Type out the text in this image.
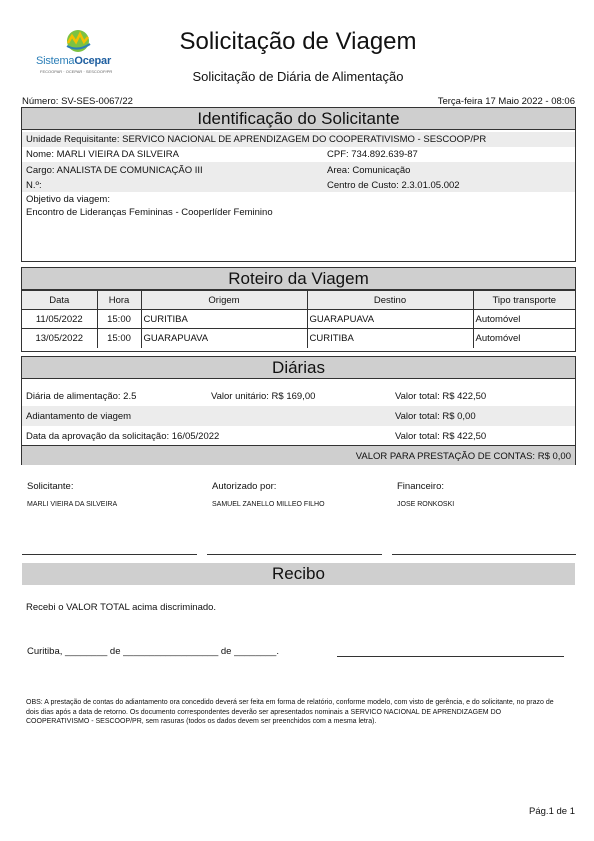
SistemaOcepar
FECOOPAR · OCEPAR · SESCOOP/PR
Solicitação de Viagem
Solicitação de Diária de Alimentação
Número: SV-SES-0067/22	Terça-feira 17 Maio 2022 - 08:06
Identificação do Solicitante
Unidade Requisitante: SERVICO NACIONAL DE APRENDIZAGEM DO COOPERATIVISMO - SESCOOP/PR
Nome: MARLI VIEIRA DA SILVEIRA	CPF: 734.892.639-87
Cargo: ANALISTA DE COMUNICAÇÃO III	Area: Comunicação
N.º:	Centro de Custo: 2.3.01.05.002
Objetivo da viagem:
Encontro de Lideranças Femininas - Cooperlíder Feminino
Roteiro da Viagem
Data	Hora	Origem	Destino	Tipo transporte
11/05/2022	15:00	CURITIBA	GUARAPUAVA	Automóvel
13/05/2022	15:00	GUARAPUAVA	CURITIBA	Automóvel
Diárias
Diária de alimentação: 2.5	Valor unitário: R$ 169,00	Valor total: R$ 422,50
Adiantamento de viagem	Valor total: R$ 0,00
Data da aprovação da solicitação: 16/05/2022	Valor total: R$ 422,50
VALOR PARA PRESTAÇÃO DE CONTAS: R$ 0,00
Solicitante:
MARLI VIEIRA DA SILVEIRA
Autorizado por:
SAMUEL ZANELLO MILLEO FILHO
Financeiro:
JOSE RONKOSKI
Recibo
Recebi o VALOR TOTAL acima discriminado.
Curitiba, ________ de __________________ de ________.
OBS: A prestação de contas do adiantamento ora concedido deverá ser feita em forma de relatório, conforme modelo, com visto de gerência, e do solicitante, no prazo de dois dias após a data de retorno. Os documento correspondentes deverão ser apresentados nominais a SERVICO NACIONAL DE APRENDIZAGEM DO COOPERATIVISMO - SESCOOP/PR, sem rasuras (todos os dados devem ser preenchidos com a mesma letra).
Pág.1 de 1
